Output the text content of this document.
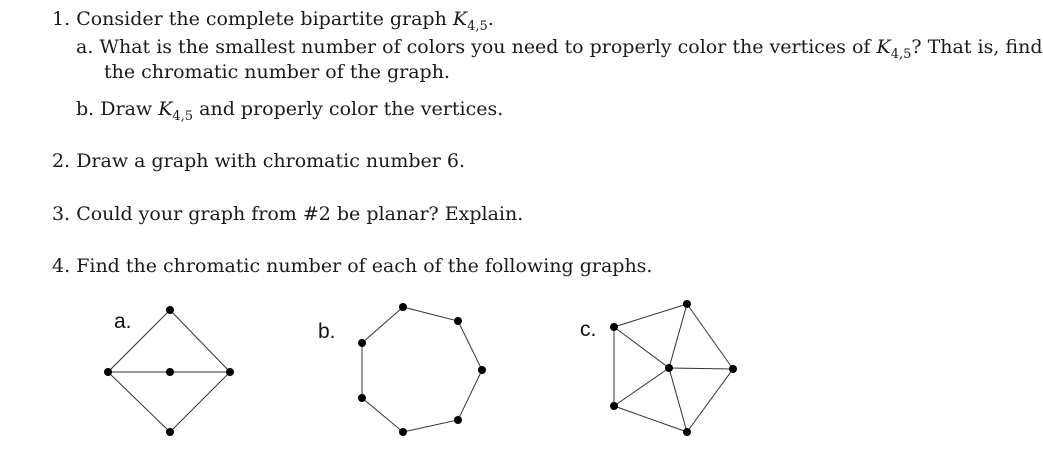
1. Consider the complete bipartite graph $K_{4,5}$.
a. What is the smallest number of colors you need to properly color the vertices of $K_{4,5}$? That is, find
the chromatic number of the graph.
b. Draw $K_{4,5}$ and properly color the vertices.
2. Draw a graph with chromatic number 6.
3. Could your graph from #2 be planar? Explain.
4. Find the chromatic number of each of the following graphs.
a.	b.	c.
